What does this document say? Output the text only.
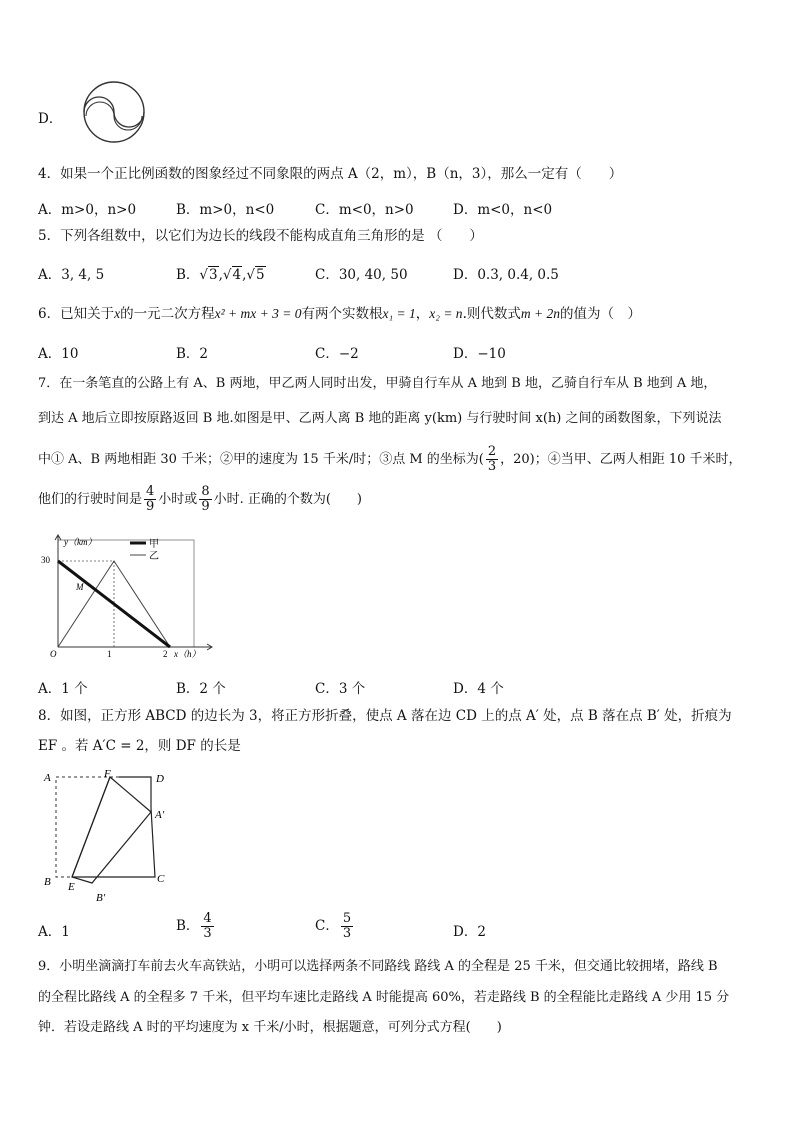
D．
4．如果一个正比例函数的图象经过不同象限的两点 A（2，m），B（n，3），那么一定有（　　）
A．m>0，n>0	B．m>0，n<0	C．m<0，n>0	D．m<0，n<0
5．下列各组数中，以它们为边长的线段不能构成直角三角形的是 （　　）
A．3, 4, 5	B．√3,√4,√5	C．30, 40, 50	D．0.3, 0.4, 0.5
6．已知关于x的一元二次方程x² + mx + 3 = 0有两个实数根x₁ = 1，x₂ = n.则代数式m + 2n的值为（　）
A．10	B．2	C．−2	D．−10
7．在一条笔直的公路上有 A、B 两地，甲乙两人同时出发，甲骑自行车从 A 地到 B 地，乙骑自行车从 B 地到 A 地，
到达 A 地后立即按原路返回 B 地.如图是甲、乙两人离 B 地的距离 y(km) 与行驶时间 x(h) 之间的函数图象，下列说法
中① A、B 两地相距 30 千米；②甲的速度为 15 千米/时；③点 M 的坐标为( $\frac{2}{3}$ ，20)；④当甲、乙两人相距 10 千米时，
他们的行驶时间是 $\frac{4}{9}$ 小时或 $\frac{8}{9}$ 小时. 正确的个数为(　　)
y（km）
30
O	1	2 x（h）
M
甲
乙
A．1 个	B．2 个	C．3 个	D．4 个
8．如图，正方形 ABCD 的边长为 3，将正方形折叠，使点 A 落在边 CD 上的点 A′ 处，点 B 落在点 B′ 处，折痕为
EF 。若 A′C = 2，则 DF 的长是
A	F	D
A′
B E
C
B′
A．1	B． $\frac{4}{3}$	C． $\frac{5}{3}$	D．2
9．小明坐滴滴打车前去火车高铁站，小明可以选择两条不同路线 路线 A 的全程是 25 千米，但交通比较拥堵，路线 B
的全程比路线 A 的全程多 7 千米，但平均车速比走路线 A 时能提高 60%，若走路线 B 的全程能比走路线 A 少用 15 分
钟．若设走路线 A 时的平均速度为 x 千米/小时，根据题意，可列分式方程(　　)
